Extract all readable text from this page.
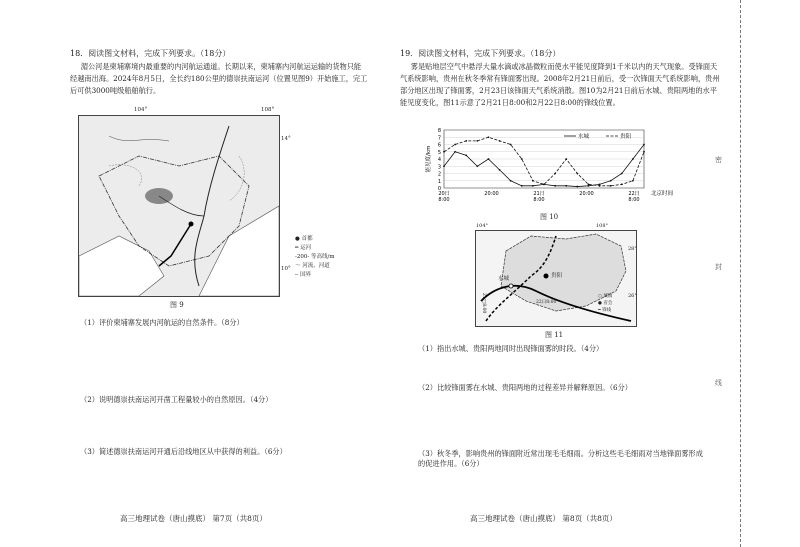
18．阅读图文材料，完成下列要求。（18分）
湄公河是柬埔寨境内最重要的内河航运通道。长期以来，柬埔寨内河航运运输的货物只能经越南出海。2024年8月5日，全长约180公里的德崇扶南运河（位置见图9）开始施工，完工后可供3000吨级船舶航行。
104°	108°
14°
10°
● 首都
━ 运河
-200- 等高线/m
〜 河流、河道
┄ 国界
图 9
（1）评价柬埔寨发展内河航运的自然条件。（8分）
（2）说明德崇扶南运河开凿工程量较小的自然原因。（4分）
（3）简述德崇扶南运河开通后沿线地区从中获得的利益。（6分）
高三地理试卷（唐山摸底） 第7页（共8页）
19．阅读图文材料，完成下列要求。（18分）
雾是贴地层空气中悬浮大量水滴或冰晶微粒而使水平能见度降到1千米以内的天气现象。受锋面天气系统影响，贵州在秋冬季常有锋面雾出现。2008年2月21日前后，受一次锋面天气系统影响，贵州部分地区出现了锋面雾，2月23日该锋面天气系统消散。图10为2月21日前后水城、贵阳两地的水平能见度变化，图11示意了2月21日8:00和2月22日8:00的锋线位置。
0
1
2
3
4
5
6
7
8
能见度/km
20日
8:00
20:00	21日
8:00
20:00	22日
8:00
北京时间
水城	贵阳
图 10
水城	贵阳
21日8:00	22日8:00
104°	108°
28°
26°
○ 城镇
● 省会
━ 锋线
图 11
（1）指出水城、贵阳两地同时出现锋面雾的时段。（4分）
（2）比较锋面雾在水城、贵阳两地的过程差异并解释原因。（6分）
（3）秋冬季，影响贵州的锋面附近常出现毛毛细雨。分析这些毛毛细雨对当地锋面雾形成的促进作用。（6分）
高三地理试卷（唐山摸底） 第8页（共8页）
密
封
线
